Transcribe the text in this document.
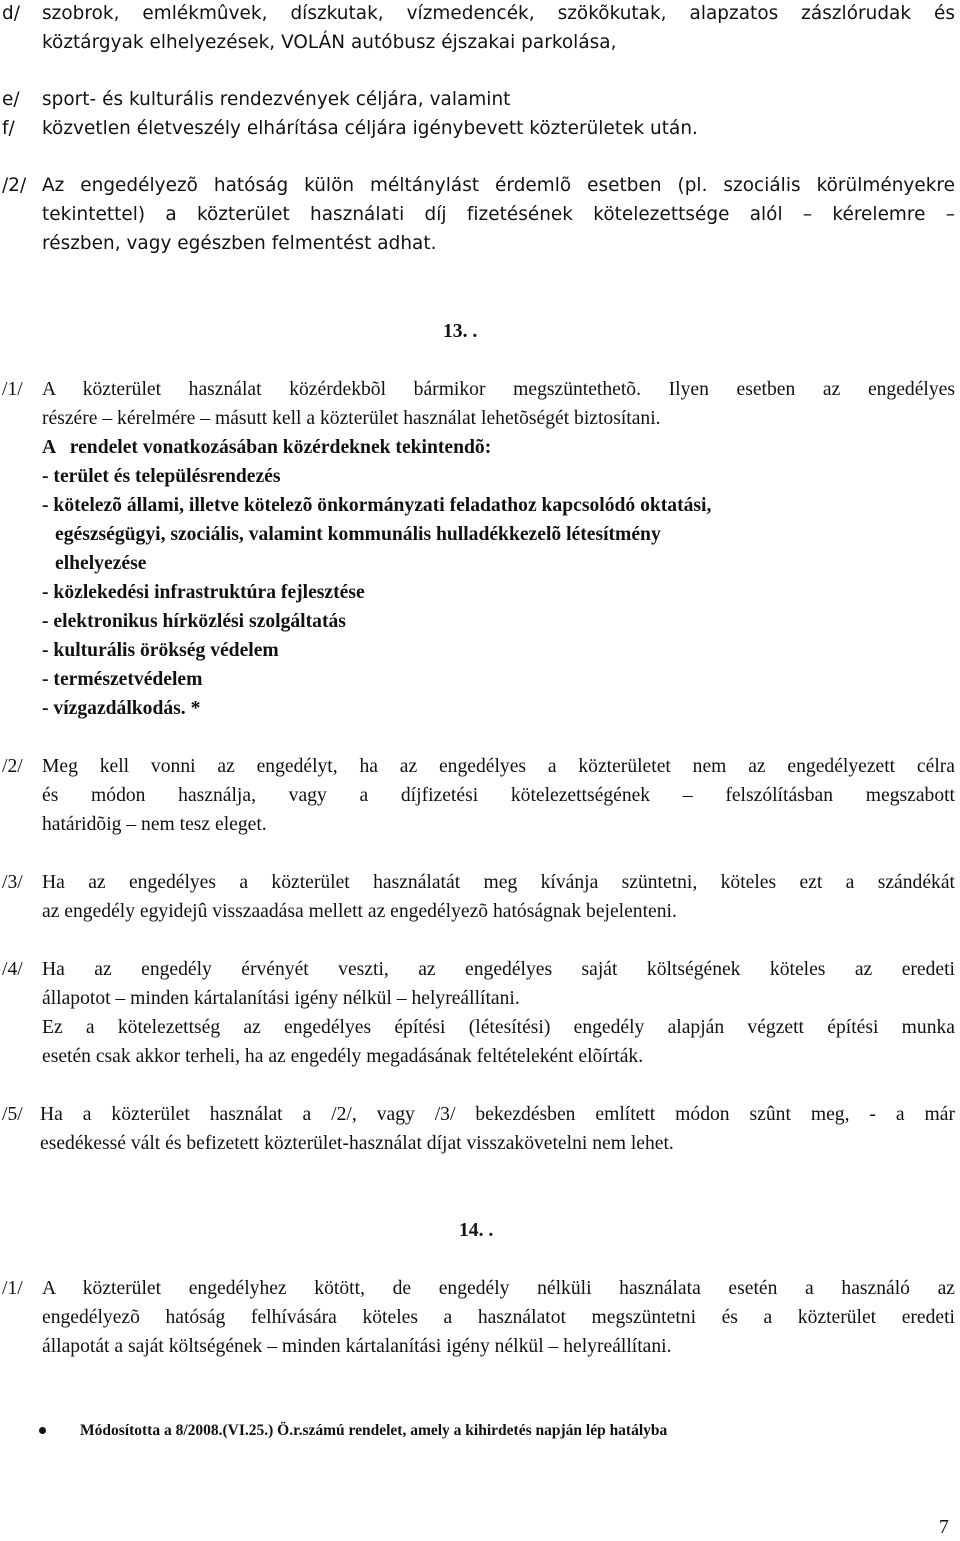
d/ szobrok, emlékmûvek, díszkutak, vízmedencék, szökõkutak, alapzatos zászlórudak és
köztárgyak elhelyezések, VOLÁN autóbusz éjszakai parkolása,
e/ sport- és kulturális rendezvények céljára, valamint
f/ közvetlen életveszély elhárítása céljára igénybevett közterületek után.
/2/ Az engedélyezõ hatóság külön méltánylást érdemlõ esetben (pl. szociális körülményekre
tekintettel) a közterület használati díj fizetésének kötelezettsége alól – kérelemre –
részben, vagy egészben felmentést adhat.
13. .
/1/ A közterület használat közérdekbõl bármikor megszüntethetõ. Ilyen esetben az engedélyes
részére – kérelmére – másutt kell a közterület használat lehetõségét biztosítani.
A   rendelet vonatkozásában közérdeknek tekintendõ:
- terület és településrendezés
- kötelezõ állami, illetve kötelezõ önkormányzati feladathoz kapcsolódó oktatási,
egészségügyi, szociális, valamint kommunális hulladékkezelõ létesítmény
elhelyezése
- közlekedési infrastruktúra fejlesztése
- elektronikus hírközlési szolgáltatás
- kulturális örökség védelem
- természetvédelem
- vízgazdálkodás. *
/2/ Meg kell vonni az engedélyt, ha az engedélyes a közterületet nem az engedélyezett célra
és módon használja, vagy a díjfizetési kötelezettségének – felszólításban megszabott
határidõig – nem tesz eleget.
/3/ Ha az engedélyes a közterület használatát meg kívánja szüntetni, köteles ezt a szándékát
az engedély egyidejû visszaadása mellett az engedélyezõ hatóságnak bejelenteni.
/4/ Ha az engedély érvényét veszti, az engedélyes saját költségének köteles az eredeti
állapotot – minden kártalanítási igény nélkül – helyreállítani.
Ez a kötelezettség az engedélyes építési (létesítési) engedély alapján végzett építési munka
esetén csak akkor terheli, ha az engedély megadásának feltételeként elõírták.
/5/ Ha a közterület használat a /2/, vagy /3/ bekezdésben említett módon szûnt meg, - a már
esedékessé vált és befizetett közterület-használat díjat visszakövetelni nem lehet.
14. .
/1/ A közterület engedélyhez kötött, de engedély nélküli használata esetén a használó az
engedélyezõ hatóság felhívására köteles a használatot megszüntetni és a közterület eredeti
állapotát a saját költségének – minden kártalanítási igény nélkül – helyreállítani.
Módosította a 8/2008.(VI.25.) Ö.r.számú rendelet, amely a kihirdetés napján lép hatályba
7
